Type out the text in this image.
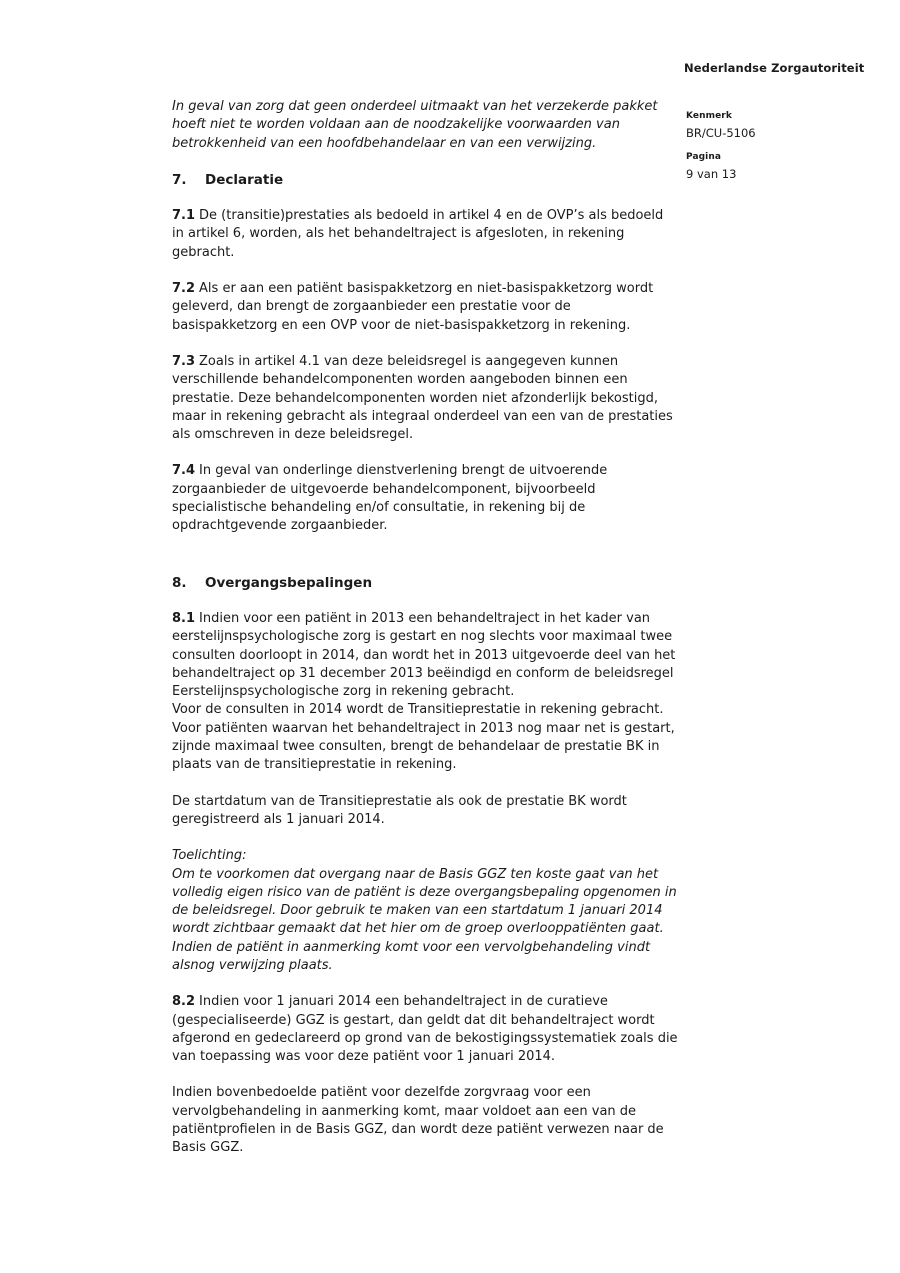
Nederlandse Zorgautoriteit
Kenmerk
BR/CU-5106
Pagina
9 van 13

In geval van zorg dat geen onderdeel uitmaakt van het verzekerde pakket hoeft niet te worden voldaan aan de noodzakelijke voorwaarden van betrokkenheid van een hoofdbehandelaar en van een verwijzing.

7. Declaratie

7.1 De (transitie)prestaties als bedoeld in artikel 4 en de OVP’s als bedoeld in artikel 6, worden, als het behandeltraject is afgesloten, in rekening gebracht.

7.2 Als er aan een patiënt basispakketzorg en niet-basispakketzorg wordt geleverd, dan brengt de zorgaanbieder een prestatie voor de basispakketzorg en een OVP voor de niet-basispakketzorg in rekening.

7.3 Zoals in artikel 4.1 van deze beleidsregel is aangegeven kunnen verschillende behandelcomponenten worden aangeboden binnen een prestatie. Deze behandelcomponenten worden niet afzonderlijk bekostigd, maar in rekening gebracht als integraal onderdeel van een van de prestaties als omschreven in deze beleidsregel.

7.4 In geval van onderlinge dienstverlening brengt de uitvoerende zorgaanbieder de uitgevoerde behandelcomponent, bijvoorbeeld specialistische behandeling en/of consultatie, in rekening bij de opdrachtgevende zorgaanbieder.

8. Overgangsbepalingen

8.1 Indien voor een patiënt in 2013 een behandeltraject in het kader van eerstelijnspsychologische zorg is gestart en nog slechts voor maximaal twee consulten doorloopt in 2014, dan wordt het in 2013 uitgevoerde deel van het behandeltraject op 31 december 2013 beëindigd en conform de beleidsregel Eerstelijnspsychologische zorg in rekening gebracht.
Voor de consulten in 2014 wordt de Transitieprestatie in rekening gebracht.
Voor patiënten waarvan het behandeltraject in 2013 nog maar net is gestart, zijnde maximaal twee consulten, brengt de behandelaar de prestatie BK in plaats van de transitieprestatie in rekening.

De startdatum van de Transitieprestatie als ook de prestatie BK wordt geregistreerd als 1 januari 2014.

Toelichting:
Om te voorkomen dat overgang naar de Basis GGZ ten koste gaat van het volledig eigen risico van de patiënt is deze overgangsbepaling opgenomen in de beleidsregel. Door gebruik te maken van een startdatum 1 januari 2014 wordt zichtbaar gemaakt dat het hier om de groep overlooppatiënten gaat. Indien de patiënt in aanmerking komt voor een vervolgbehandeling vindt alsnog verwijzing plaats.

8.2 Indien voor 1 januari 2014 een behandeltraject in de curatieve (gespecialiseerde) GGZ is gestart, dan geldt dat dit behandeltraject wordt afgerond en gedeclareerd op grond van de bekostigingssystematiek zoals die van toepassing was voor deze patiënt voor 1 januari 2014.

Indien bovenbedoelde patiënt voor dezelfde zorgvraag voor een vervolgbehandeling in aanmerking komt, maar voldoet aan een van de patiëntprofielen in de Basis GGZ, dan wordt deze patiënt verwezen naar de Basis GGZ.
